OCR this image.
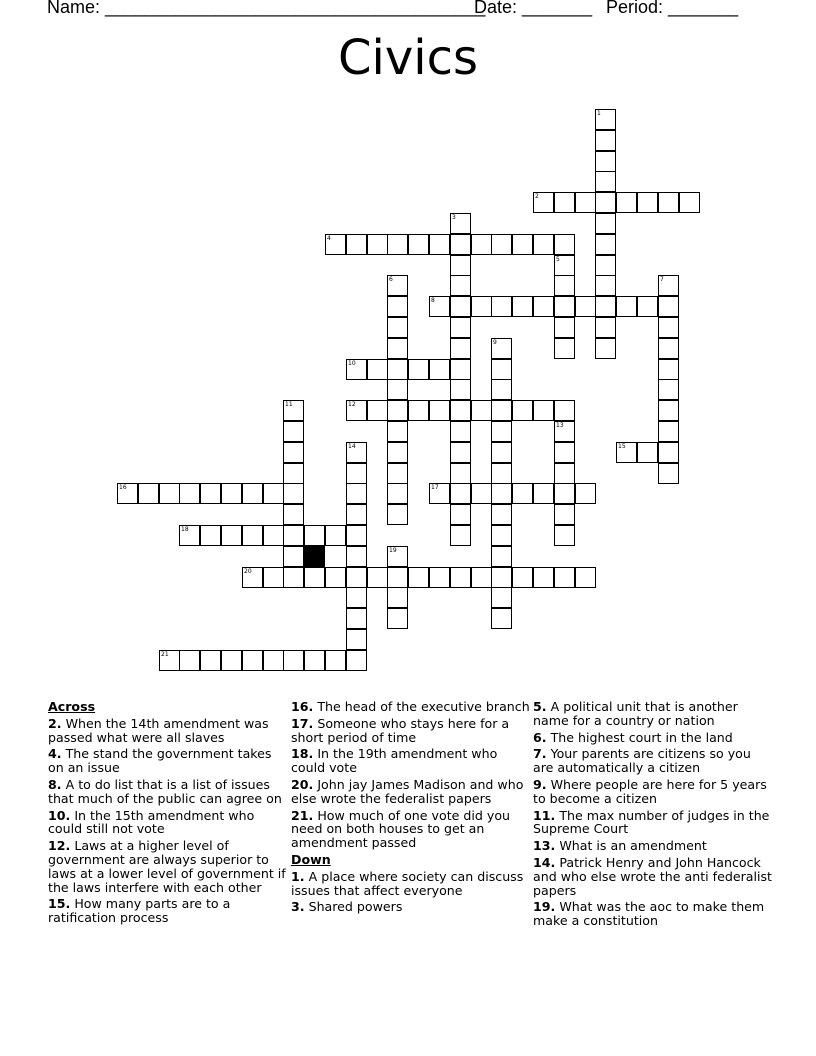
Name: ______________________________________
Date: _______ Period: _______
Civics
2
4
8
10
12
15
16	17
18
20
21
1
3
5
6	7
9
11
13
14
19
Across
2. When the 14th amendment was passed what were all slaves
4. The stand the government takes on an issue
8. A to do list that is a list of issues that much of the public can agree on
10. In the 15th amendment who could still not vote
12. Laws at a higher level of government are always superior to laws at a lower level of government if the laws interfere with each other
15. How many parts are to a ratification process
16. The head of the executive branch
17. Someone who stays here for a short period of time
18. In the 19th amendment who could vote
20. John jay James Madison and who else wrote the federalist papers
21. How much of one vote did you need on both houses to get an amendment passed
Down
1. A place where society can discuss issues that affect everyone
3. Shared powers
5. A political unit that is another name for a country or nation
6. The highest court in the land
7. Your parents are citizens so you are automatically a citizen
9. Where people are here for 5 years to become a citizen
11. The max number of judges in the Supreme Court
13. What is an amendment
14. Patrick Henry and John Hancock and who else wrote the anti federalist papers
19. What was the aoc to make them make a constitution
